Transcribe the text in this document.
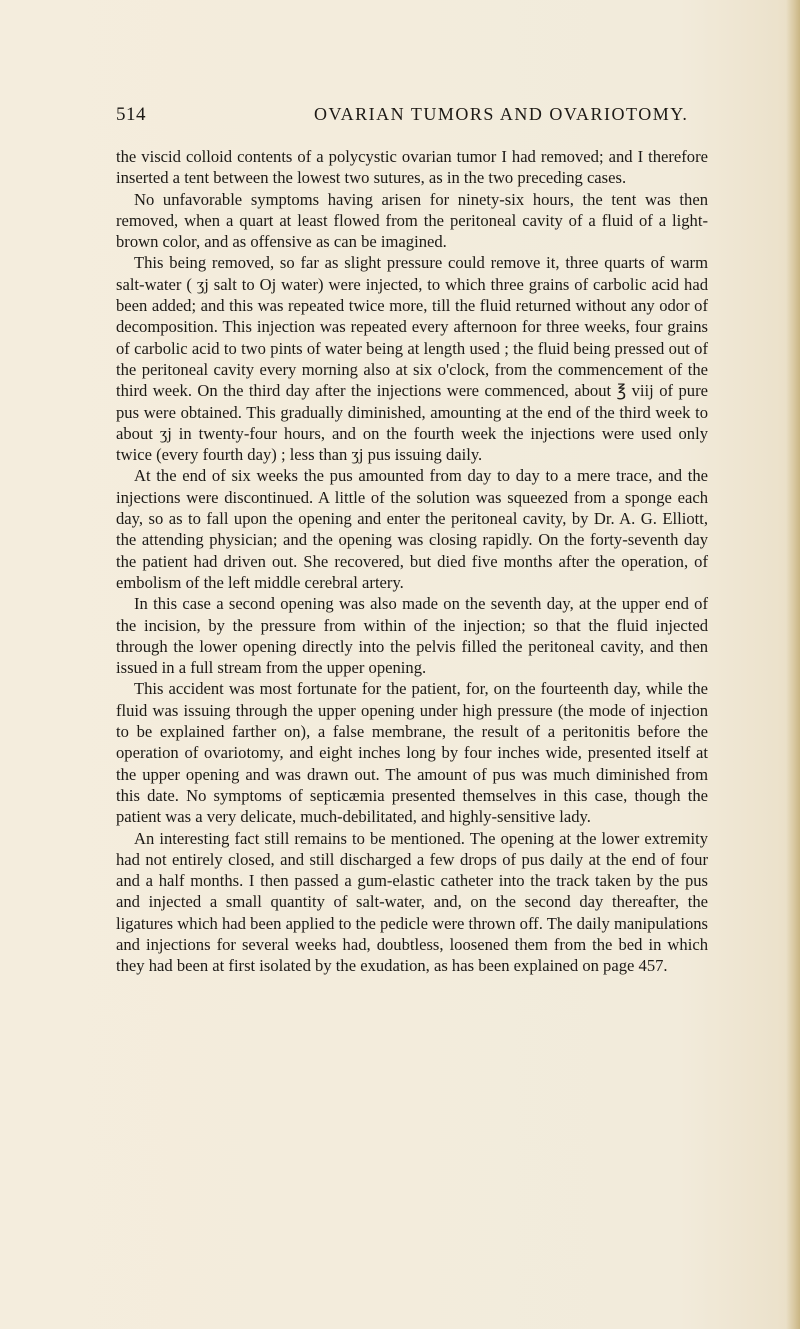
514	OVARIAN TUMORS AND OVARIOTOMY.

the viscid colloid contents of a polycystic ovarian tumor I had removed; and I therefore inserted a tent between the lowest two sutures, as in the two preceding cases.

No unfavorable symptoms having arisen for ninety-six hours, the tent was then removed, when a quart at least flowed from the peritoneal cavity of a fluid of a light-brown color, and as offensive as can be imagined.

This being removed, so far as slight pressure could remove it, three quarts of warm salt-water ( ʒj salt to Oj water) were injected, to which three grains of carbolic acid had been added; and this was repeated twice more, till the fluid returned without any odor of decomposition. This injection was repeated every afternoon for three weeks, four grains of carbolic acid to two pints of water being at length used ; the fluid being pressed out of the peritoneal cavity every morning also at six o'clock, from the commencement of the third week. On the third day after the injections were commenced, about ℥ viij of pure pus were obtained. This gradually diminished, amounting at the end of the third week to about ʒj in twenty-four hours, and on the fourth week the injections were used only twice (every fourth day) ; less than ʒj pus issuing daily.

At the end of six weeks the pus amounted from day to day to a mere trace, and the injections were discontinued. A little of the solution was squeezed from a sponge each day, so as to fall upon the opening and enter the peritoneal cavity, by Dr. A. G. Elliott, the attending physician; and the opening was closing rapidly. On the forty-seventh day the patient had driven out. She recovered, but died five months after the operation, of embolism of the left middle cerebral artery.

In this case a second opening was also made on the seventh day, at the upper end of the incision, by the pressure from within of the injection; so that the fluid injected through the lower opening directly into the pelvis filled the peritoneal cavity, and then issued in a full stream from the upper opening.

This accident was most fortunate for the patient, for, on the fourteenth day, while the fluid was issuing through the upper opening under high pressure (the mode of injection to be explained farther on), a false membrane, the result of a peritonitis before the operation of ovariotomy, and eight inches long by four inches wide, presented itself at the upper opening and was drawn out. The amount of pus was much diminished from this date. No symptoms of septicæmia presented themselves in this case, though the patient was a very delicate, much-debilitated, and highly-sensitive lady.

An interesting fact still remains to be mentioned. The opening at the lower extremity had not entirely closed, and still discharged a few drops of pus daily at the end of four and a half months. I then passed a gum-elastic catheter into the track taken by the pus and injected a small quantity of salt-water, and, on the second day thereafter, the ligatures which had been applied to the pedicle were thrown off. The daily manipulations and injections for several weeks had, doubtless, loosened them from the bed in which they had been at first isolated by the exudation, as has been explained on page 457.
